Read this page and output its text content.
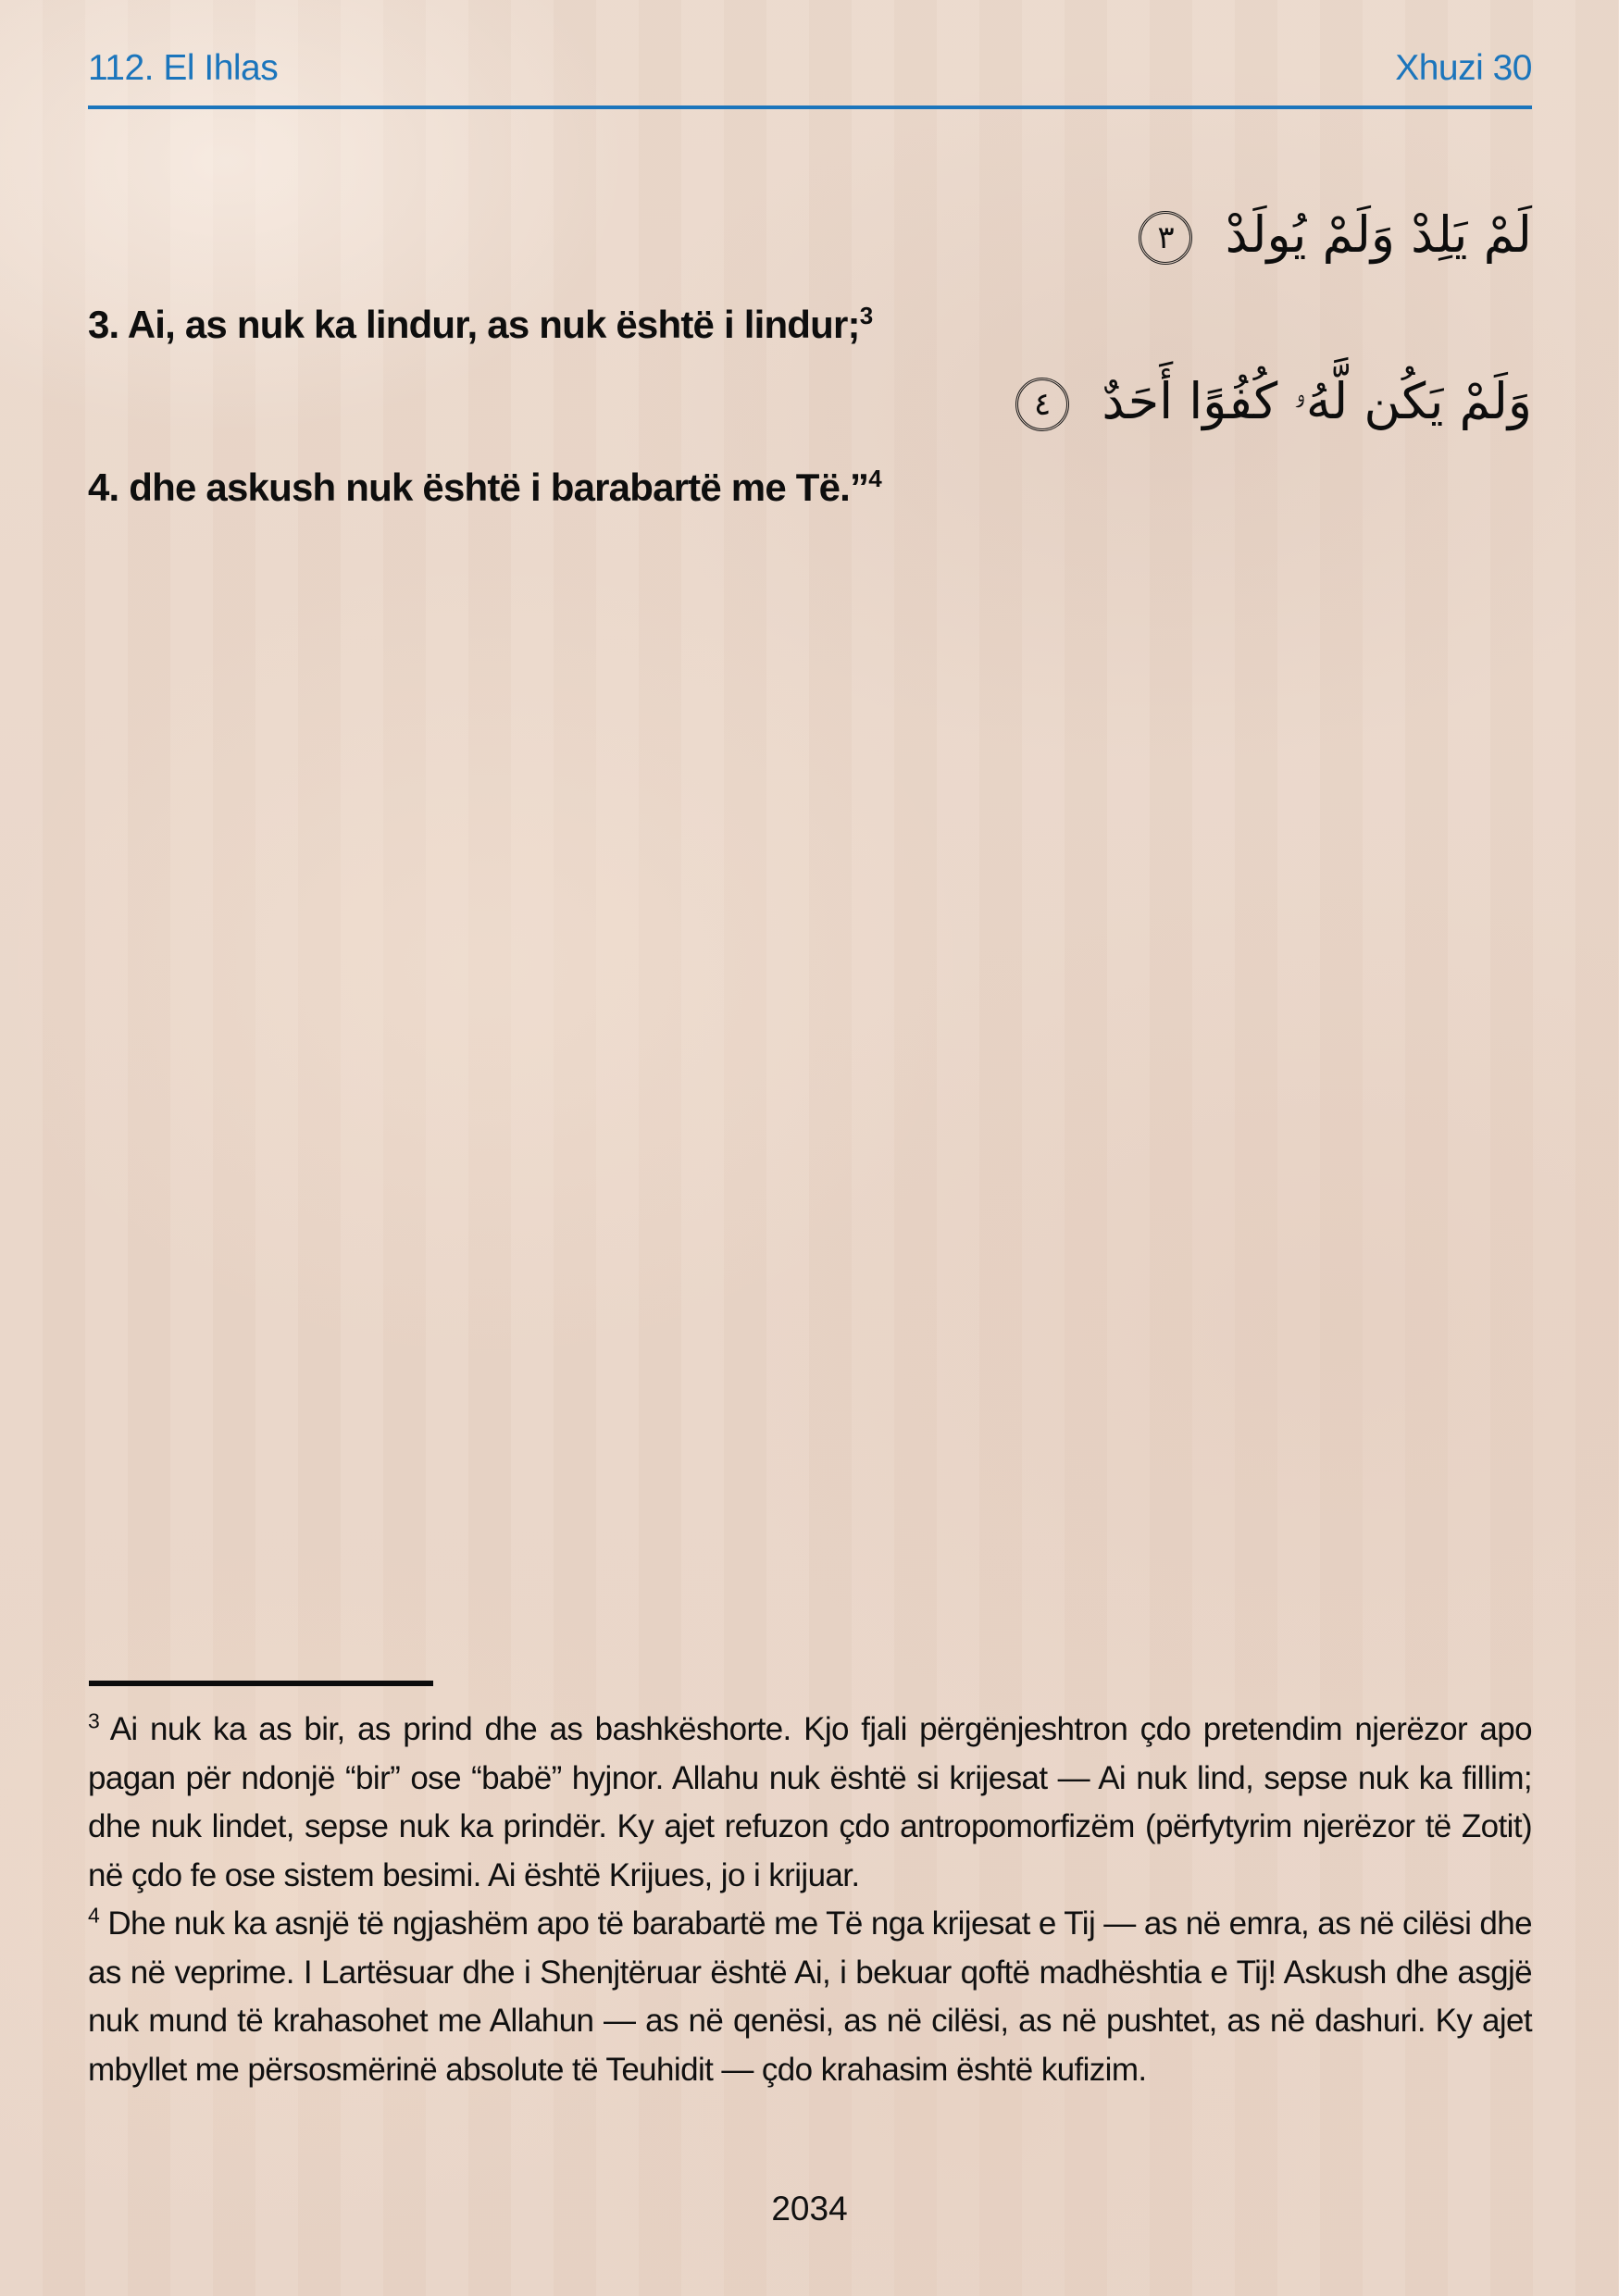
112. El Ihlas	Xhuzi 30
لَمْ يَلِدْ وَلَمْ يُولَدْ
٣

3. Ai, as nuk ka lindur, as nuk është i lindur;$^3$

وَلَمْ يَكُن لَّهُۥ كُفُوًا أَحَدٌ
٤

4. dhe askush nuk është i barabartë me Të.”$^4$

$^3$ Ai nuk ka as bir, as prind dhe as bashkëshorte. Kjo fjali përgënjeshtron çdo pretendim njerëzor apo pagan për ndonjë “bir” ose “babë” hyjnor. Allahu nuk është si krijesat — Ai nuk lind, sepse nuk ka fillim; dhe nuk lindet, sepse nuk ka prindër. Ky ajet refuzon çdo antropomorfizëm (përfytyrim njerëzor të Zotit) në çdo fe ose sistem besimi. Ai është Krijues, jo i krijuar.

$^4$ Dhe nuk ka asnjë të ngjashëm apo të barabartë me Të nga krijesat e Tij — as në emra, as në cilësi dhe as në veprime. I Lartësuar dhe i Shenjtëruar është Ai, i bekuar qoftë madhështia e Tij! Askush dhe asgjë nuk mund të krahasohet me Allahun — as në qenësi, as në cilësi, as në pushtet, as në dashuri. Ky ajet mbyllet me përsosmërinë absolute të Teuhidit — çdo krahasim është kufizim.

2034
